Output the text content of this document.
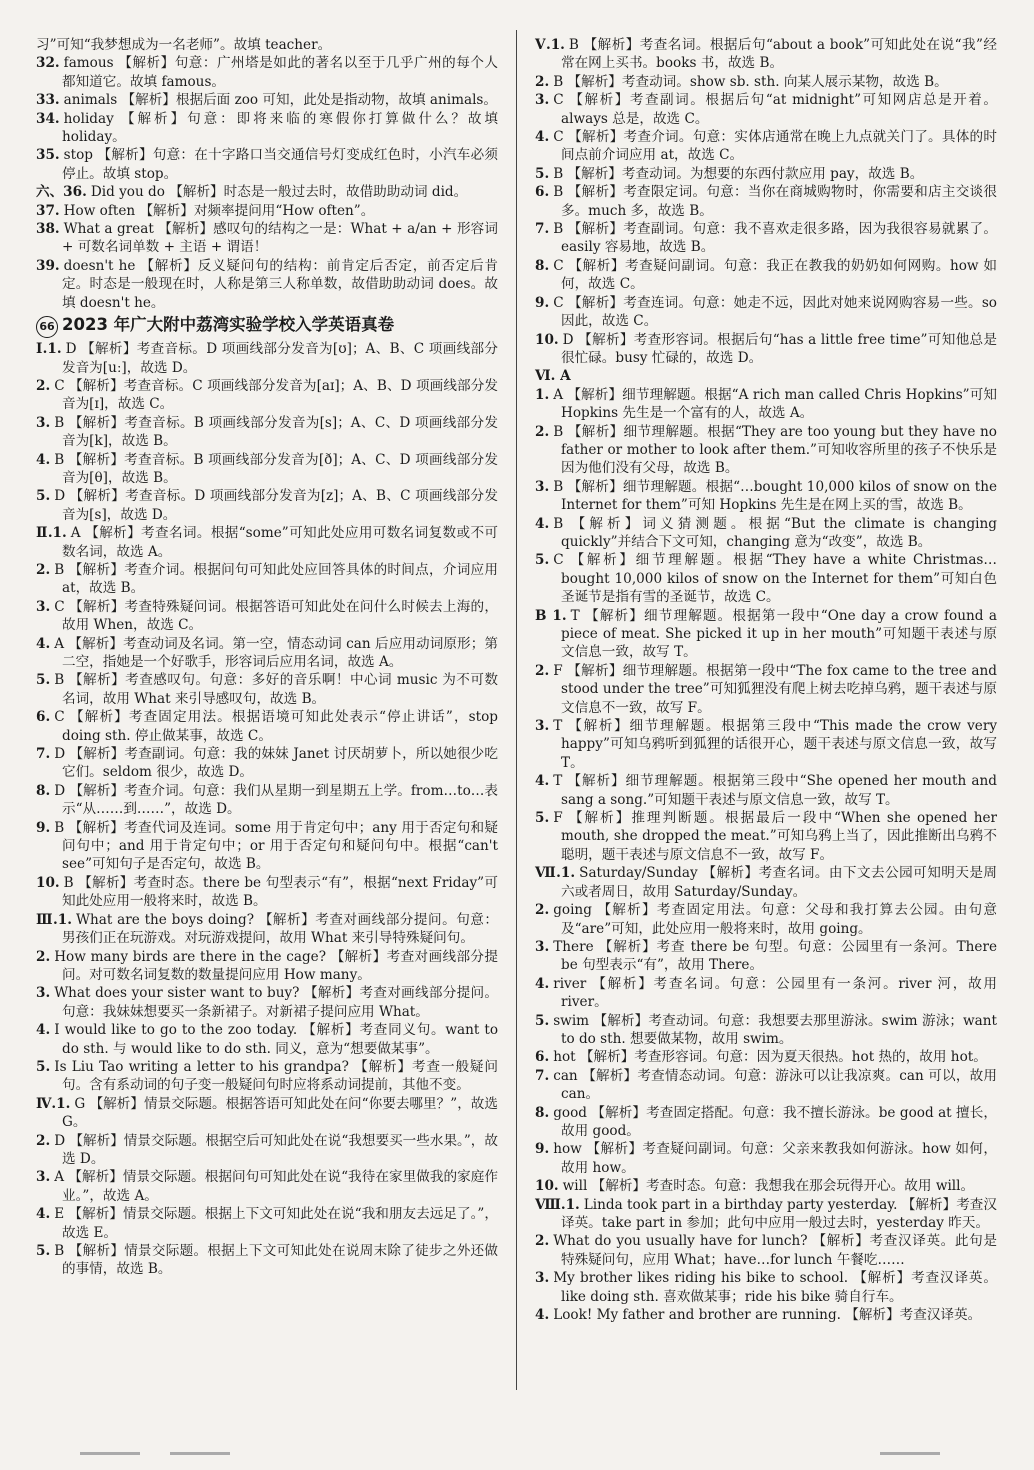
习”可知“我梦想成为一名老师”。故填 teacher。

32. famous 【解析】句意：广州塔是如此的著名以至于几乎广州的每个人都知道它。故填 famous。

33. animals 【解析】根据后面 zoo 可知，此处是指动物，故填 animals。

34. holiday 【解析】句意：即将来临的寒假你打算做什么？故填 holiday。

35. stop 【解析】句意：在十字路口当交通信号灯变成红色时，小汽车必须停止。故填 stop。

六、36. Did you do 【解析】时态是一般过去时，故借助助动词 did。

37. How often 【解析】对频率提问用“How often”。

38. What a great 【解析】感叹句的结构之一是：What + a/an + 形容词 + 可数名词单数 + 主语 + 谓语！

39. doesn't he 【解析】反义疑问句的结构：前肯定后否定，前否定后肯定。时态是一般现在时，人称是第三人称单数，故借助助动词 does。故填 doesn't he。

66 2023 年广大附中荔湾实验学校入学英语真卷

Ⅰ.1. D 【解析】考查音标。D 项画线部分发音为[ʊ]；A、B、C 项画线部分发音为[uː]，故选 D。

2. C 【解析】考查音标。C 项画线部分发音为[aɪ]；A、B、D 项画线部分发音为[ɪ]，故选 C。

3. B 【解析】考查音标。B 项画线部分发音为[s]；A、C、D 项画线部分发音为[k]，故选 B。

4. B 【解析】考查音标。B 项画线部分发音为[ð]；A、C、D 项画线部分发音为[θ]，故选 B。

5. D 【解析】考查音标。D 项画线部分发音为[z]；A、B、C 项画线部分发音为[s]，故选 D。

Ⅱ.1. A 【解析】考查名词。根据“some”可知此处应用可数名词复数或不可数名词，故选 A。

2. B 【解析】考查介词。根据问句可知此处应回答具体的时间点，介词应用 at，故选 B。

3. C 【解析】考查特殊疑问词。根据答语可知此处在问什么时候去上海的，故用 When，故选 C。

4. A 【解析】考查动词及名词。第一空，情态动词 can 后应用动词原形；第二空，指她是一个好歌手，形容词后应用名词，故选 A。

5. B 【解析】考查感叹句。句意：多好的音乐啊！中心词 music 为不可数名词，故用 What 来引导感叹句，故选 B。

6. C 【解析】考查固定用法。根据语境可知此处表示“停止讲话”，stop doing sth. 停止做某事，故选 C。

7. D 【解析】考查副词。句意：我的妹妹 Janet 讨厌胡萝卜，所以她很少吃它们。seldom 很少，故选 D。

8. D 【解析】考查介词。句意：我们从星期一到星期五上学。from…to…表示“从……到……”，故选 D。

9. B 【解析】考查代词及连词。some 用于肯定句中；any 用于否定句和疑问句中；and 用于肯定句中；or 用于否定句和疑问句中。根据“can't see”可知句子是否定句，故选 B。

10. B 【解析】考查时态。there be 句型表示“有”，根据“next Friday”可知此处应用一般将来时，故选 B。

Ⅲ.1. What are the boys doing? 【解析】考查对画线部分提问。句意：男孩们正在玩游戏。对玩游戏提问，故用 What 来引导特殊疑问句。

2. How many birds are there in the cage? 【解析】考查对画线部分提问。对可数名词复数的数量提问应用 How many。

3. What does your sister want to buy? 【解析】考查对画线部分提问。句意：我妹妹想要买一条新裙子。对新裙子提问应用 What。

4. I would like to go to the zoo today. 【解析】考查同义句。want to do sth. 与 would like to do sth. 同义，意为“想要做某事”。

5. Is Liu Tao writing a letter to his grandpa? 【解析】考查一般疑问句。含有系动词的句子变一般疑问句时应将系动词提前，其他不变。

Ⅳ.1. G 【解析】情景交际题。根据答语可知此处在问“你要去哪里？”，故选 G。

2. D 【解析】情景交际题。根据空后可知此处在说“我想要买一些水果。”，故选 D。

3. A 【解析】情景交际题。根据问句可知此处在说“我待在家里做我的家庭作业。”，故选 A。

4. E 【解析】情景交际题。根据上下文可知此处在说“我和朋友去远足了。”，故选 E。

5. B 【解析】情景交际题。根据上下文可知此处在说周末除了徒步之外还做的事情，故选 B。

Ⅴ.1. B 【解析】考查名词。根据后句“about a book”可知此处在说“我”经常在网上买书。books 书，故选 B。

2. B 【解析】考查动词。show sb. sth. 向某人展示某物，故选 B。

3. C 【解析】考查副词。根据后句“at midnight”可知网店总是开着。always 总是，故选 C。

4. C 【解析】考查介词。句意：实体店通常在晚上九点就关门了。具体的时间点前介词应用 at，故选 C。

5. B 【解析】考查动词。为想要的东西付款应用 pay，故选 B。

6. B 【解析】考查限定词。句意：当你在商城购物时，你需要和店主交谈很多。much 多，故选 B。

7. B 【解析】考查副词。句意：我不喜欢走很多路，因为我很容易就累了。easily 容易地，故选 B。

8. C 【解析】考查疑问副词。句意：我正在教我的奶奶如何网购。how 如何，故选 C。

9. C 【解析】考查连词。句意：她走不远，因此对她来说网购容易一些。so 因此，故选 C。

10. D 【解析】考查形容词。根据后句“has a little free time”可知他总是很忙碌。busy 忙碌的，故选 D。

Ⅵ. A

1. A 【解析】细节理解题。根据“A rich man called Chris Hopkins”可知 Hopkins 先生是一个富有的人，故选 A。

2. B 【解析】细节理解题。根据“They are too young but they have no father or mother to look after them.”可知收容所里的孩子不快乐是因为他们没有父母，故选 B。

3. B 【解析】细节理解题。根据“…bought 10,000 kilos of snow on the Internet for them”可知 Hopkins 先生是在网上买的雪，故选 B。

4. B 【解析】词义猜测题。根据“But the climate is changing quickly”并结合下文可知，changing 意为“改变”，故选 B。

5. C 【解析】细节理解题。根据“They have a white Christmas…bought 10,000 kilos of snow on the Internet for them”可知白色圣诞节是指有雪的圣诞节，故选 C。

B 1. T 【解析】细节理解题。根据第一段中“One day a crow found a piece of meat. She picked it up in her mouth”可知题干表述与原文信息一致，故写 T。

2. F 【解析】细节理解题。根据第一段中“The fox came to the tree and stood under the tree”可知狐狸没有爬上树去吃掉乌鸦，题干表述与原文信息不一致，故写 F。

3. T 【解析】细节理解题。根据第三段中“This made the crow very happy”可知乌鸦听到狐狸的话很开心，题干表述与原文信息一致，故写 T。

4. T 【解析】细节理解题。根据第三段中“She opened her mouth and sang a song.”可知题干表述与原文信息一致，故写 T。

5. F 【解析】推理判断题。根据最后一段中“When she opened her mouth, she dropped the meat.”可知乌鸦上当了，因此推断出乌鸦不聪明，题干表述与原文信息不一致，故写 F。

Ⅶ.1. Saturday/Sunday 【解析】考查名词。由下文去公园可知明天是周六或者周日，故用 Saturday/Sunday。

2. going 【解析】考查固定用法。句意：父母和我打算去公园。由句意及“are”可知，此处应用一般将来时，故用 going。

3. There 【解析】考查 there be 句型。句意：公园里有一条河。There be 句型表示“有”，故用 There。

4. river 【解析】考查名词。句意：公园里有一条河。river 河，故用 river。

5. swim 【解析】考查动词。句意：我想要去那里游泳。swim 游泳；want to do sth. 想要做某物，故用 swim。

6. hot 【解析】考查形容词。句意：因为夏天很热。hot 热的，故用 hot。

7. can 【解析】考查情态动词。句意：游泳可以让我凉爽。can 可以，故用 can。

8. good 【解析】考查固定搭配。句意：我不擅长游泳。be good at 擅长，故用 good。

9. how 【解析】考查疑问副词。句意：父亲来教我如何游泳。how 如何，故用 how。

10. will 【解析】考查时态。句意：我想我在那会玩得开心。故用 will。

Ⅷ.1. Linda took part in a birthday party yesterday. 【解析】考查汉译英。take part in 参加；此句中应用一般过去时，yesterday 昨天。

2. What do you usually have for lunch? 【解析】考查汉译英。此句是特殊疑问句，应用 What；have…for lunch 午餐吃……

3. My brother likes riding his bike to school. 【解析】考查汉译英。like doing sth. 喜欢做某事；ride his bike 骑自行车。

4. Look! My father and brother are running. 【解析】考查汉译英。
